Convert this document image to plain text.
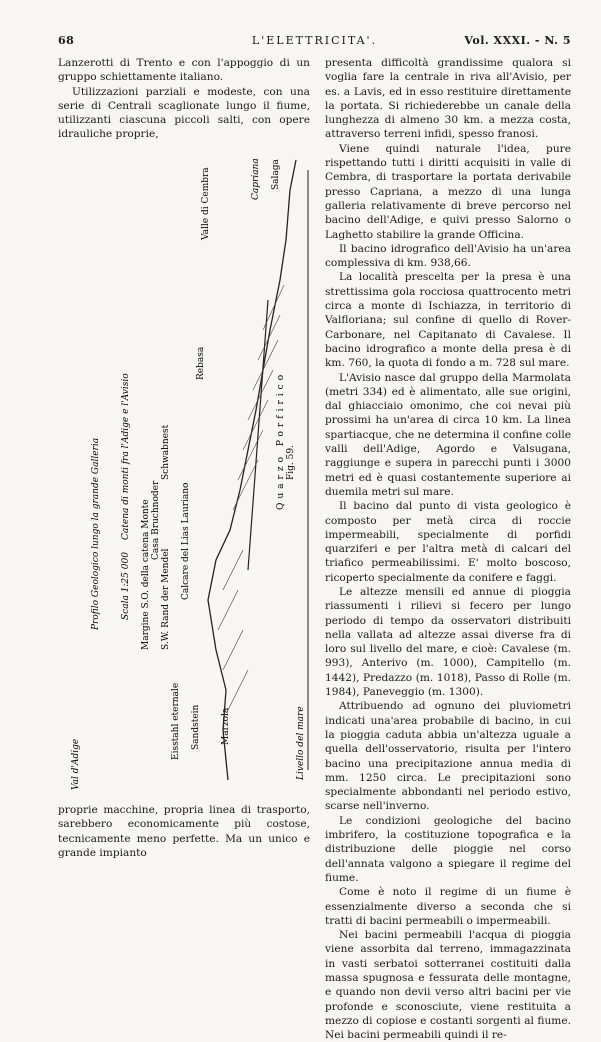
68	L'ELETTRICITA'.	Vol. XXXI. - N. 5

Lanzerotti di Trento e con l'appoggio di un gruppo schiettamente italiano.

Utilizzazioni parziali e modeste, con una serie di Centrali scaglionate lungo il fiume, utilizzanti ciascuna piccoli salti, con opere idrauliche proprie,

Profilo Geologico lungo la grande Galleria Catena di monti fra l'Adige e l'Avisio
Scala 1:25 000
Livello del mare
Quarzo Porfirico
Val d'Adige
Marzola
Margine S.O. della catena Monte S.W. Rand der Mendel
Eisstahl eternale Sandstein
Calcare del Lias Lauriano
Casa Bruchnoder
Schwabnest
Rebasa
Valle di Cembra	Capriana Salaga
Fig. 59.

proprie macchine, propria linea di trasporto, sarebbero economicamente più costose, tecnicamente meno perfette. Ma un unico e grande impianto

presenta difficoltà grandissime qualora si voglia fare la centrale in riva all'Avisio, per es. a Lavis, ed in esso restituire direttamente la portata. Si richiederebbe un canale della lunghezza di almeno 30 km. a mezza costa, attraverso terreni infidi, spesso franosi.

Viene quindi naturale l'idea, pure rispettando tutti i diritti acquisiti in valle di Cembra, di trasportare la portata derivabile presso Capriana, a mezzo di una lunga galleria relativamente di breve percorso nel bacino dell'Adige, e quivi presso Salorno o Laghetto stabilire la grande Officina.

Il bacino idrografico dell'Avisio ha un'area complessiva di km. 938,66.

La località prescelta per la presa è una strettissima gola rocciosa quattrocento metri circa a monte di Ischiazza, in territorio di Valfloriana; sul confine di quello di Rover-Carbonare, nel Capitanato di Cavalese. Il bacino idrografico a monte della presa è di km. 760, la quota di fondo a m. 728 sul mare.

L'Avisio nasce dal gruppo della Marmolata (metri 334) ed è alimentato, alle sue origini, dal ghiacciaio omonimo, che coi nevai più prossimi ha un'area di circa 10 km. La linea spartiacque, che ne determina il confine colle valli dell'Adige, Agordo e Valsugana, raggiunge e supera in parecchi punti i 3000 metri ed è quasi costantemente superiore ai duemila metri sul mare.

Il bacino dal punto di vista geologico è composto per metà circa di roccie impermeabili, specialmente di porfidi quarziferi e per l'altra metà di calcari del triafico permeabilissimi. E' molto boscoso, ricoperto specialmente da conifere e faggi.

Le altezze mensili ed annue di pioggia riassumenti i rilievi si fecero per lungo periodo di tempo da osservatori distribuiti nella vallata ad altezze assai diverse fra di loro sul livello del mare, e cioè: Cavalese (m. 993), Anterivo (m. 1000), Campitello (m. 1442), Predazzo (m. 1018), Passo di Rolle (m. 1984), Paneveggio (m. 1300).

Attribuendo ad ognuno dei pluviometri indicati una'area probabile di bacino, in cui la pioggia caduta abbia un'altezza uguale a quella dell'osservatorio, risulta per l'intero bacino una precipitazione annua media di mm. 1250 circa. Le precipitazioni sono specialmente abbondanti nel periodo estivo, scarse nell'inverno.

Le condizioni geologiche del bacino imbrifero, la costituzione topografica e la distribuzione delle pioggie nel corso dell'annata valgono a spiegare il regime del fiume.

Come è noto il regime di un fiume è essenzialmente diverso a seconda che si tratti di bacini permeabili o impermeabili.

Nei bacini permeabili l'acqua di pioggia viene assorbita dal terreno, immagazzinata in vasti serbatoi sotterranei costituiti dalla massa spugnosa e fessurata delle montagne, e quando non devii verso altri bacini per vie profonde e sconosciute, viene restituita a mezzo di copiose e costanti sorgenti al fiume. Nei bacini permeabili quindi il re-
